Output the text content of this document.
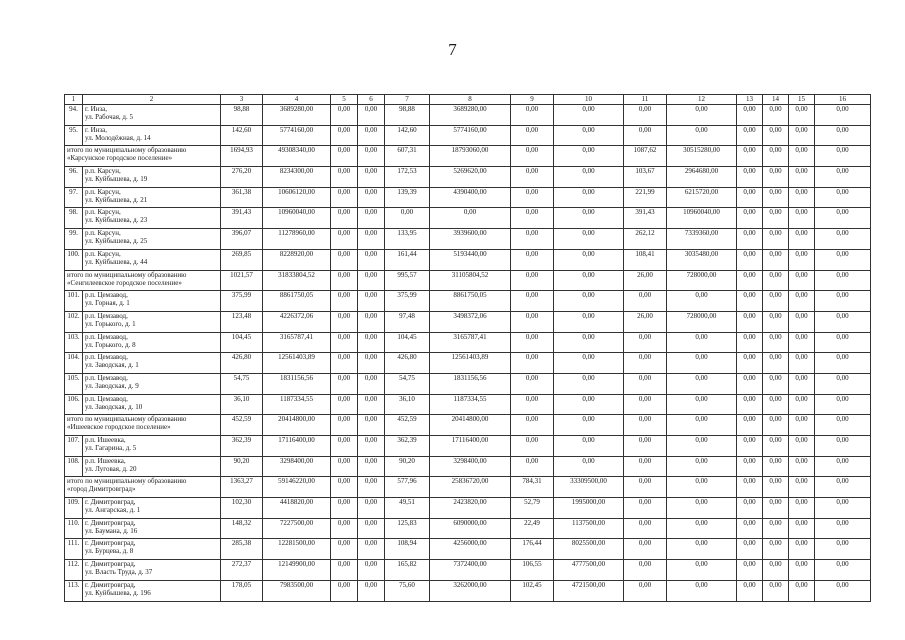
7
1	2	3	4	5	6	7	8	9	10	11	12	13	14	15	16
94.	г. Инза,
ул. Рабочая, д. 5	98,88	3689280,00	0,00	0,00	98,88	3689280,00	0,00	0,00	0,00	0,00	0,00	0,00	0,00	0,00
95.	г. Инза,
ул. Молодёжная, д. 14	142,60	5774160,00	0,00	0,00	142,60	5774160,00	0,00	0,00	0,00	0,00	0,00	0,00	0,00	0,00

итого по муниципальному образованию
«Карсунское городское поселение»		1694,93	49308340,00	0,00	0,00	607,31	18793060,00	0,00	0,00	1087,62	30515280,00	0,00	0,00	0,00	0,00
96.	р.п. Карсун,
ул. Куйбышева, д. 19	276,20	8234300,00	0,00	0,00	172,53	5269620,00	0,00	0,00	103,67	2964680,00	0,00	0,00	0,00	0,00
97.	р.п. Карсун,
ул. Куйбышева, д. 21	361,38	10606120,00	0,00	0,00	139,39	4390400,00	0,00	0,00	221,99	6215720,00	0,00	0,00	0,00	0,00
98.	р.п. Карсун,
ул. Куйбышева, д. 23	391,43	10960040,00	0,00	0,00	0,00	0,00	0,00	0,00	391,43	10960040,00	0,00	0,00	0,00	0,00
99.	р.п. Карсун,
ул. Куйбышева, д. 25	396,07	11278960,00	0,00	0,00	133,95	3939600,00	0,00	0,00	262,12	7339360,00	0,00	0,00	0,00	0,00
100.	р.п. Карсун,
ул. Куйбышева, д. 44	269,85	8228920,00	0,00	0,00	161,44	5193440,00	0,00	0,00	108,41	3035480,00	0,00	0,00	0,00	0,00

итого по муниципальному образованию
«Сенгилеевское городское поселение»		1021,57	31833804,52	0,00	0,00	995,57	31105804,52	0,00	0,00	26,00	728000,00	0,00	0,00	0,00	0,00
101.	р.п. Цемзавод,
ул. Горная, д. 1	375,99	8861750,05	0,00	0,00	375,99	8861750,05	0,00	0,00	0,00	0,00	0,00	0,00	0,00	0,00
102.	р.п. Цемзавод,
ул. Горького, д. 1	123,48	4226372,06	0,00	0,00	97,48	3498372,06	0,00	0,00	26,00	728000,00	0,00	0,00	0,00	0,00
103.	р.п. Цемзавод,
ул. Горького, д. 8	104,45	3165787,41	0,00	0,00	104,45	3165787,41	0,00	0,00	0,00	0,00	0,00	0,00	0,00	0,00
104.	р.п. Цемзавод,
ул. Заводская, д. 1	426,80	12561403,89	0,00	0,00	426,80	12561403,89	0,00	0,00	0,00	0,00	0,00	0,00	0,00	0,00
105.	р.п. Цемзавод,
ул. Заводская, д. 9	54,75	1831156,56	0,00	0,00	54,75	1831156,56	0,00	0,00	0,00	0,00	0,00	0,00	0,00	0,00
106.	р.п. Цемзавод,
ул. Заводская, д. 10	36,10	1187334,55	0,00	0,00	36,10	1187334,55	0,00	0,00	0,00	0,00	0,00	0,00	0,00	0,00

итого по муниципальному образованию
«Ишеевское городское поселение»		452,59	20414800,00	0,00	0,00	452,59	20414800,00	0,00	0,00	0,00	0,00	0,00	0,00	0,00	0,00
107.	р.п. Ишеевка,
ул. Гагарина, д. 5	362,39	17116400,00	0,00	0,00	362,39	17116400,00	0,00	0,00	0,00	0,00	0,00	0,00	0,00	0,00
108.	р.п. Ишеевка,
ул. Луговая, д. 20	90,20	3298400,00	0,00	0,00	90,20	3298400,00	0,00	0,00	0,00	0,00	0,00	0,00	0,00	0,00

итого по муниципальному образованию
«город Димитровград»		1363,27	59146220,00	0,00	0,00	577,96	25836720,00	784,31	33309500,00	0,00	0,00	0,00	0,00	0,00	0,00
109.	г. Димитровград,
ул. Ангарская, д. 1	102,30	4418820,00	0,00	0,00	49,51	2423820,00	52,79	1995000,00	0,00	0,00	0,00	0,00	0,00	0,00
110.	г. Димитровград,
ул. Баумана, д. 16	148,32	7227500,00	0,00	0,00	125,83	6090000,00	22,49	1137500,00	0,00	0,00	0,00	0,00	0,00	0,00
111.	г. Димитровград,
ул. Бурцева, д. 8	285,38	12281500,00	0,00	0,00	108,94	4256000,00	176,44	8025500,00	0,00	0,00	0,00	0,00	0,00	0,00
112.	г. Димитровград,
ул. Власть Труда, д. 37	272,37	12149900,00	0,00	0,00	165,82	7372400,00	106,55	4777500,00	0,00	0,00	0,00	0,00	0,00	0,00
113.	г. Димитровград,
ул. Куйбышева, д. 196	178,05	7983500,00	0,00	0,00	75,60	3262000,00	102,45	4721500,00	0,00	0,00	0,00	0,00	0,00	0,00
